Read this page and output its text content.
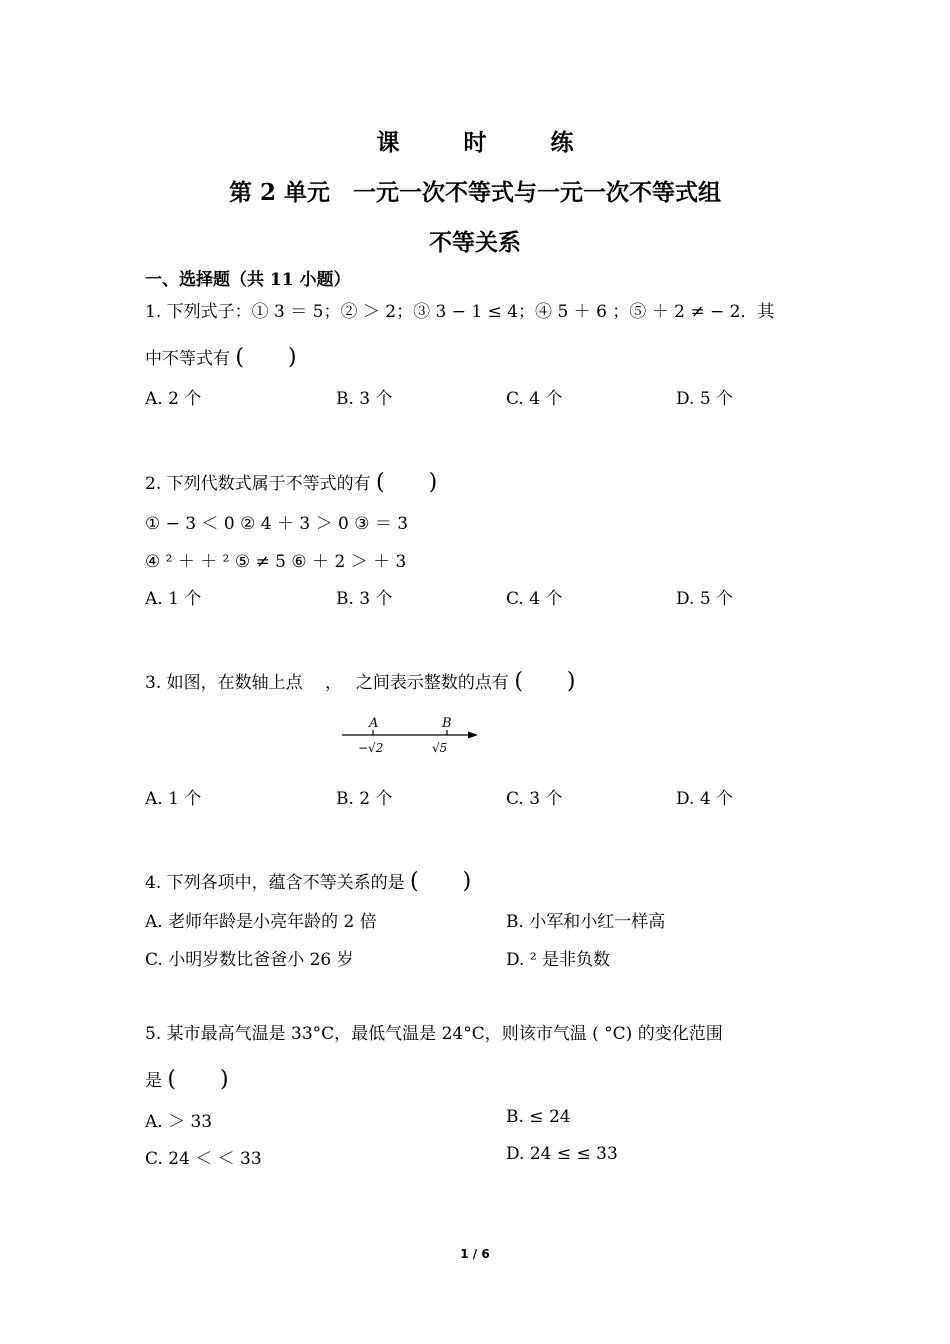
课 时 练
第 2 单元　一元一次不等式与一元一次不等式组
不等关系
一、选择题（共 11 小题）
1. 下列式子：① 3 ＝ 5；② ＞ 2；③ 3 − 1 ≤ 4；④ 5 ＋ 6 ；⑤ ＋ 2 ≠ − 2．其
中不等式有 (　　)
A. 2 个	B. 3 个	C. 4 个	D. 5 个
2. 下列代数式属于不等式的有 (　　)
① − 3 ＜ 0 ② 4 ＋ 3 ＞ 0 ③ ＝ 3
④ ² ＋ ＋ ² ⑤ ≠ 5 ⑥ ＋ 2 ＞ ＋ 3
A. 1 个	B. 3 个	C. 4 个	D. 5 个
3. 如图，在数轴上点　 ，　 之间表示整数的点有 (　　)
A	B
−√2	√5
A. 1 个	B. 2 个	C. 3 个	D. 4 个
4. 下列各项中，蕴含不等关系的是 (　　)
A. 老师年龄是小亮年龄的 2 倍	B. 小军和小红一样高
C. 小明岁数比爸爸小 26 岁	D. ² 是非负数
5. 某市最高气温是 33°C，最低气温是 24°C，则该市气温 ( °C) 的变化范围
是 (　　)
A. ＞ 33	B. ≤ 24
C. 24 ＜ ＜ 33	D. 24 ≤ ≤ 33
1 / 6
